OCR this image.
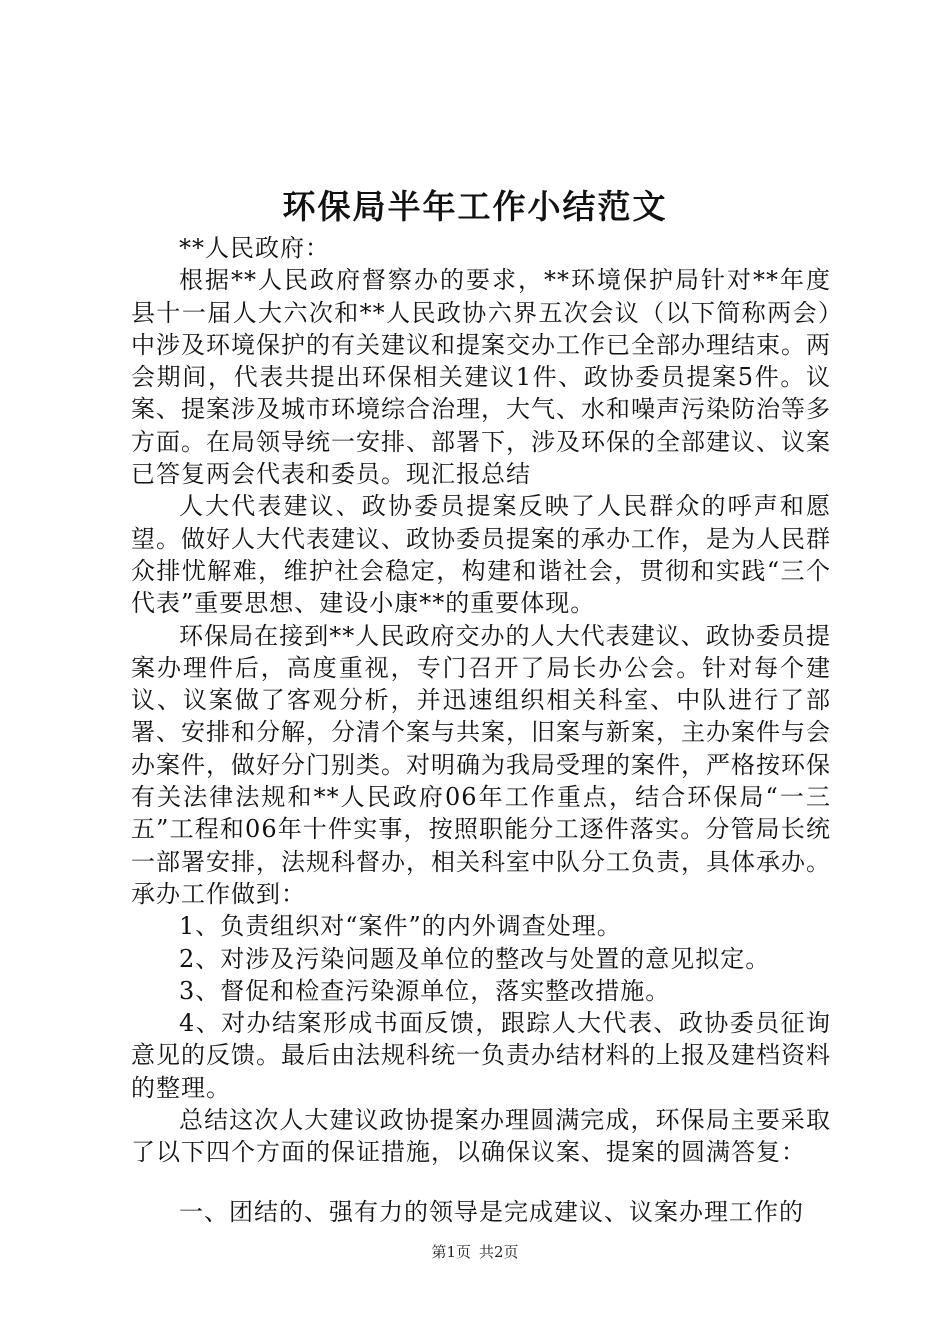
环保局半年工作小结范文

**人民政府：

根据**人民政府督察办的要求，**环境保护局针对**年度县十一届人大六次和**人民政协六界五次会议（以下简称两会）中涉及环境保护的有关建议和提案交办工作已全部办理结束。两会期间，代表共提出环保相关建议1件、政协委员提案5件。议案、提案涉及城市环境综合治理，大气、水和噪声污染防治等多方面。在局领导统一安排、部署下，涉及环保的全部建议、议案已答复两会代表和委员。现汇报总结

人大代表建议、政协委员提案反映了人民群众的呼声和愿望。做好人大代表建议、政协委员提案的承办工作，是为人民群众排忧解难，维护社会稳定，构建和谐社会，贯彻和实践“三个代表”重要思想、建设小康**的重要体现。

环保局在接到**人民政府交办的人大代表建议、政协委员提案办理件后，高度重视，专门召开了局长办公会。针对每个建议、议案做了客观分析，并迅速组织相关科室、中队进行了部署、安排和分解，分清个案与共案，旧案与新案，主办案件与会办案件，做好分门别类。对明确为我局受理的案件，严格按环保有关法律法规和**人民政府06年工作重点，结合环保局“一三五”工程和06年十件实事，按照职能分工逐件落实。分管局长统一部署安排，法规科督办，相关科室中队分工负责，具体承办。承办工作做到：

1、负责组织对“案件”的内外调查处理。

2、对涉及污染问题及单位的整改与处置的意见拟定。

3、督促和检查污染源单位，落实整改措施。

4、对办结案形成书面反馈，跟踪人大代表、政协委员征询意见的反馈。最后由法规科统一负责办结材料的上报及建档资料的整理。

总结这次人大建议政协提案办理圆满完成，环保局主要采取了以下四个方面的保证措施，以确保议案、提案的圆满答复：

一、团结的、强有力的领导是完成建议、议案办理工作的

第1页 共2页
